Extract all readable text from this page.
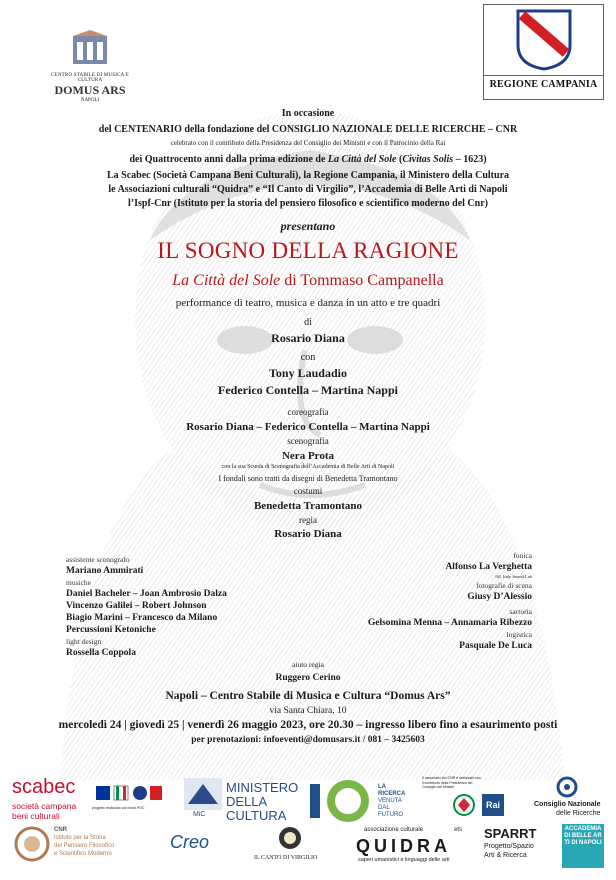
CENTRO STABILE DI MUSICA E CULTURA
DOMUS ARS
NAPOLI
REGIONE CAMPANIA
In occasione
del CENTENARIO della fondazione del CONSIGLIO NAZIONALE DELLE RICERCHE – CNR
celebrato con il contributo della Presidenza del Consiglio dei Ministri e con il Patrocinio della Rai
dei Quattrocento anni dalla prima edizione de La Città del Sole (Civitas Solis – 1623)
La Scabec (Società Campana Beni Culturali), la Regione Campania, il Ministero della Cultura
le Associazioni culturali “Quidra” e “Il Canto di Virgilio”, l’Accademia di Belle Arti di Napoli
l’Ispf-Cnr (Istituto per la storia del pensiero filosofico e scientifico moderno del Cnr)
presentano
IL SOGNO DELLA RAGIONE
La Città del Sole di Tommaso Campanella
performance di teatro, musica e danza in un atto e tre quadri
di
Rosario Diana
con
Tony Laudadio
Federico Contella – Martina Nappi
coreografia
Rosario Diana – Federico Contella – Martina Nappi
scenografia
Nera Prota
con la sua Scuola di Scenografia dell’Accademia di Belle Arti di Napoli
I fondali sono tratti da disegni di Benedetta Tramontano
costumi
Benedetta Tramontano
regia
Rosario Diana
assistente scenografo
Mariano Ammirati
musiche
Daniel Bacheler – Joan Ambrosio Dalza
Vincenzo Galilei – Robert Johnson
Biagio Marini – Francesco da Milano
Percussioni Ketoniche
light design
Rossella Coppola
fonica
Alfonso La Verghetta
ISL Italy Sound Lab
fotografie di scena
Giusy D’Alessio
sartoria
Gelsomina Menna – Annamaria Ribezzo
logistica
Pasquale De Luca
aiuto regia
Ruggero Cerino
Napoli – Centro Stabile di Musica e Cultura “Domus Ars”
via Santa Chiara, 10
mercoledì 24 | giovedì 25 | venerdì 26 maggio 2023, ore 20.30 – ingresso libero fino a esaurimento posti
per prenotazioni: infoeventi@domusars.it / 081 – 3425603
scabec
società campana
beni culturali
progetto realizzato con fondi POC
MiC
MINISTERO
DELLA
CULTURA
LA
RICERCA
VENUTA
DAL
FUTURO
Il centenario del CNR è realizzato con il contributo della Presidenza del Consiglio dei Ministri
Rai	Consiglio Nazionale
delle Ricerche
CNR
Istituto per la Storia
del Pensiero Filosofico
e Scientifico Moderno
Creo
IL CANTO DI VIRGILIO
associazione culturale	ets
QUIDRA
saperi umanistici e linguaggi delle arti
SPARRT
Progetto/Spazio
Arti & Ricerca
ACCADEMIA DI BELLE ARTI DI NAPOLI
